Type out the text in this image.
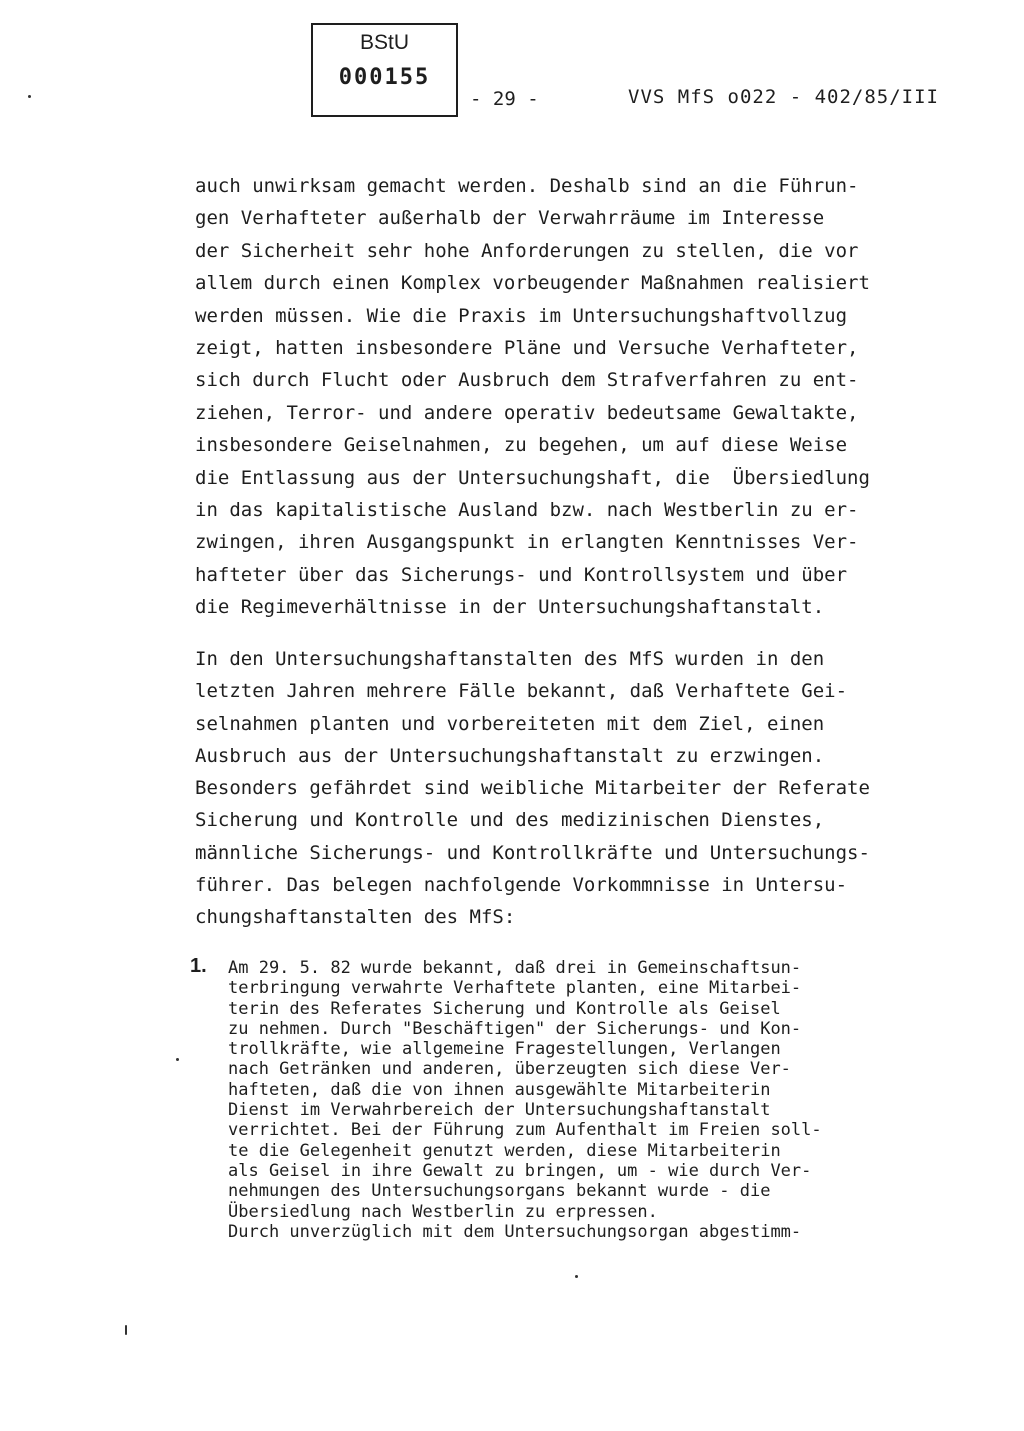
BStU
000155
- 29 -	VVS MfS o022 - 402/85/III
auch unwirksam gemacht werden. Deshalb sind an die Führun-
gen Verhafteter außerhalb der Verwahrräume im Interesse
der Sicherheit sehr hohe Anforderungen zu stellen, die vor
allem durch einen Komplex vorbeugender Maßnahmen realisiert
werden müssen. Wie die Praxis im Untersuchungshaftvollzug
zeigt, hatten insbesondere Pläne und Versuche Verhafteter,
sich durch Flucht oder Ausbruch dem Strafverfahren zu ent-
ziehen, Terror- und andere operativ bedeutsame Gewaltakte,
insbesondere Geiselnahmen, zu begehen, um auf diese Weise
die Entlassung aus der Untersuchungshaft, die  Übersiedlung
in das kapitalistische Ausland bzw. nach Westberlin zu er-
zwingen, ihren Ausgangspunkt in erlangten Kenntnisses Ver-
hafteter über das Sicherungs- und Kontrollsystem und über
die Regimeverhältnisse in der Untersuchungshaftanstalt.
In den Untersuchungshaftanstalten des MfS wurden in den
letzten Jahren mehrere Fälle bekannt, daß Verhaftete Gei-
selnahmen planten und vorbereiteten mit dem Ziel, einen
Ausbruch aus der Untersuchungshaftanstalt zu erzwingen.
Besonders gefährdet sind weibliche Mitarbeiter der Referate
Sicherung und Kontrolle und des medizinischen Dienstes,
männliche Sicherungs- und Kontrollkräfte und Untersuchungs-
führer. Das belegen nachfolgende Vorkommnisse in Untersu-
chungshaftanstalten des MfS:
1. Am 29. 5. 82 wurde bekannt, daß drei in Gemeinschaftsun-
terbringung verwahrte Verhaftete planten, eine Mitarbei-
terin des Referates Sicherung und Kontrolle als Geisel
zu nehmen. Durch "Beschäftigen" der Sicherungs- und Kon-
trollkräfte, wie allgemeine Fragestellungen, Verlangen
nach Getränken und anderen, überzeugten sich diese Ver-
hafteten, daß die von ihnen ausgewählte Mitarbeiterin
Dienst im Verwahrbereich der Untersuchungshaftanstalt
verrichtet. Bei der Führung zum Aufenthalt im Freien soll-
te die Gelegenheit genutzt werden, diese Mitarbeiterin
als Geisel in ihre Gewalt zu bringen, um - wie durch Ver-
nehmungen des Untersuchungsorgans bekannt wurde - die
Übersiedlung nach Westberlin zu erpressen.
Durch unverzüglich mit dem Untersuchungsorgan abgestimm-
